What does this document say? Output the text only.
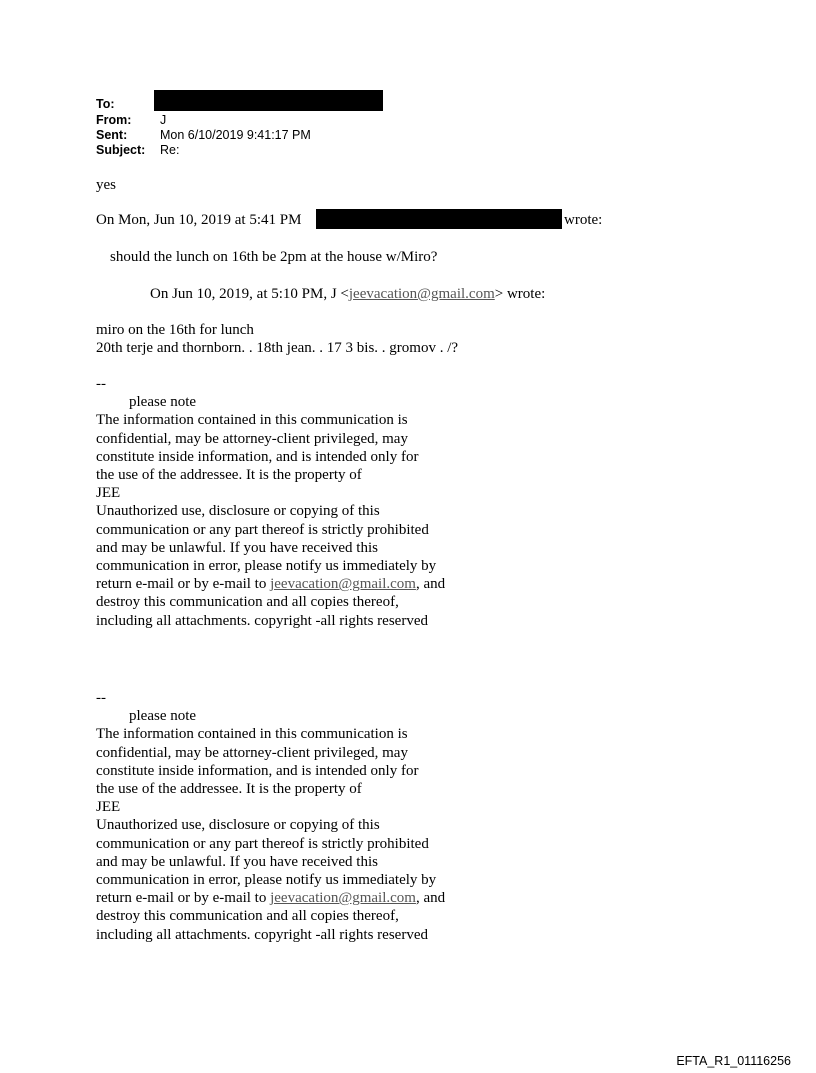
To:
From: J
Sent:	Mon 6/10/2019 9:41:17 PM
Subject: Re:
yes
On Mon, Jun 10, 2019 at 5:41 PM	wrote:
should the lunch on 16th be 2pm at the house w/Miro?
On Jun 10, 2019, at 5:10 PM, J <jeevacation@gmail.com> wrote:
miro on the 16th for lunch
20th terje and thornborn. . 18th jean. . 17 3 bis. . gromov . /?
--
please note
The information contained in this communication is
confidential, may be attorney-client privileged, may
constitute inside information, and is intended only for
the use of the addressee. It is the property of
JEE
Unauthorized use, disclosure or copying of this
communication or any part thereof is strictly prohibited
and may be unlawful. If you have received this
communication in error, please notify us immediately by
return e-mail or by e-mail to jeevacation@gmail.com, and
destroy this communication and all copies thereof,
including all attachments. copyright -all rights reserved
--
please note
The information contained in this communication is
confidential, may be attorney-client privileged, may
constitute inside information, and is intended only for
the use of the addressee. It is the property of
JEE
Unauthorized use, disclosure or copying of this
communication or any part thereof is strictly prohibited
and may be unlawful. If you have received this
communication in error, please notify us immediately by
return e-mail or by e-mail to jeevacation@gmail.com, and
destroy this communication and all copies thereof,
including all attachments. copyright -all rights reserved
EFTA_R1_01116256
